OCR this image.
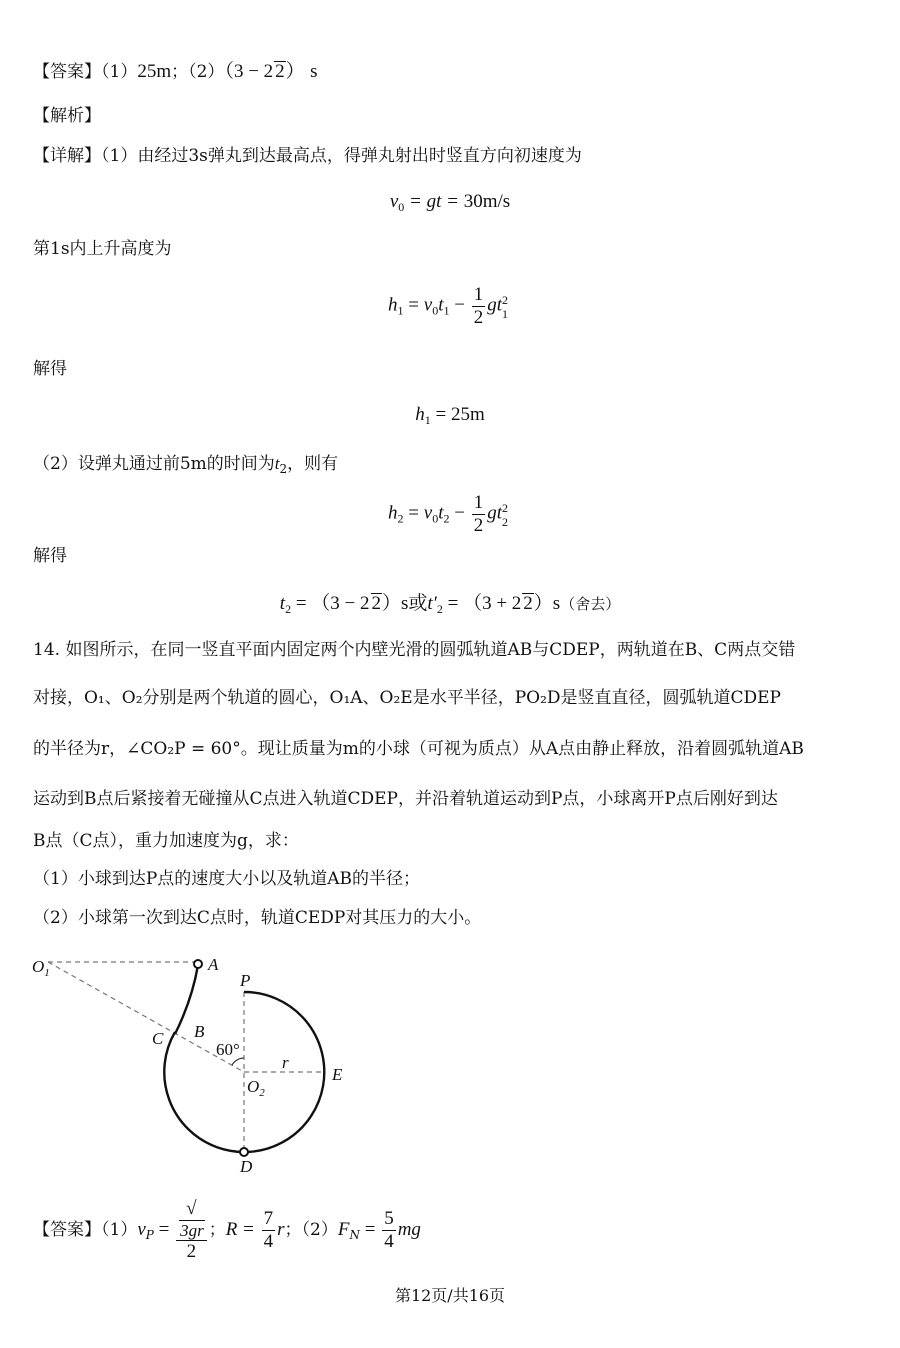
【答案】（1）25m；（2）（3 − 2 2） s
【解析】
【详解】（1）由经过3s弹丸到达最高点，得弹丸射出时竖直方向初速度为
$v_0$ = gt = 30m/s
第1s内上升高度为
$h_1 = v_0t_1 - \frac{1}{2}$ gt 2
1
解得
$h_1 = 25m$
（2）设弹丸通过前5m的时间为$t_2$，则有
$h_2 = v_0t_2 - \frac{1}{2}$ gt 2
2
解得
$t_2 = (3 - 2$ 2）s或$t'_2 = (3 + 2$ 2）s（舍去）
14. 如图所示，在同一竖直平面内固定两个内壁光滑的圆弧轨道AB与CDEP，两轨道在B、C两点交错
对接，O₁、O₂分别是两个轨道的圆心，O₁A、O₂E是水平半径，PO₂D是竖直直径，圆弧轨道CDEP
的半径为r，∠CO₂P = 60°。现让质量为m的小球（可视为质点）从A点由静止释放，沿着圆弧轨道AB
运动到B点后紧接着无碰撞从C点进入轨道CDEP，并沿着轨道运动到P点，小球离开P点后刚好到达
B点（C点），重力加速度为g，求：
（1）小球到达P点的速度大小以及轨道AB的半径；
（2）小球第一次到达C点时，轨道CEDP对其压力的大小。
$O_1$	A
P
B
C
60°
r
E
$O_2$
D
【答案】$(1)v_P$ = √
3gr
2 ；$R = \frac{7}{4}$ r；$(2)F_N = \frac{5}{4}$ mg
第12页/共16页
